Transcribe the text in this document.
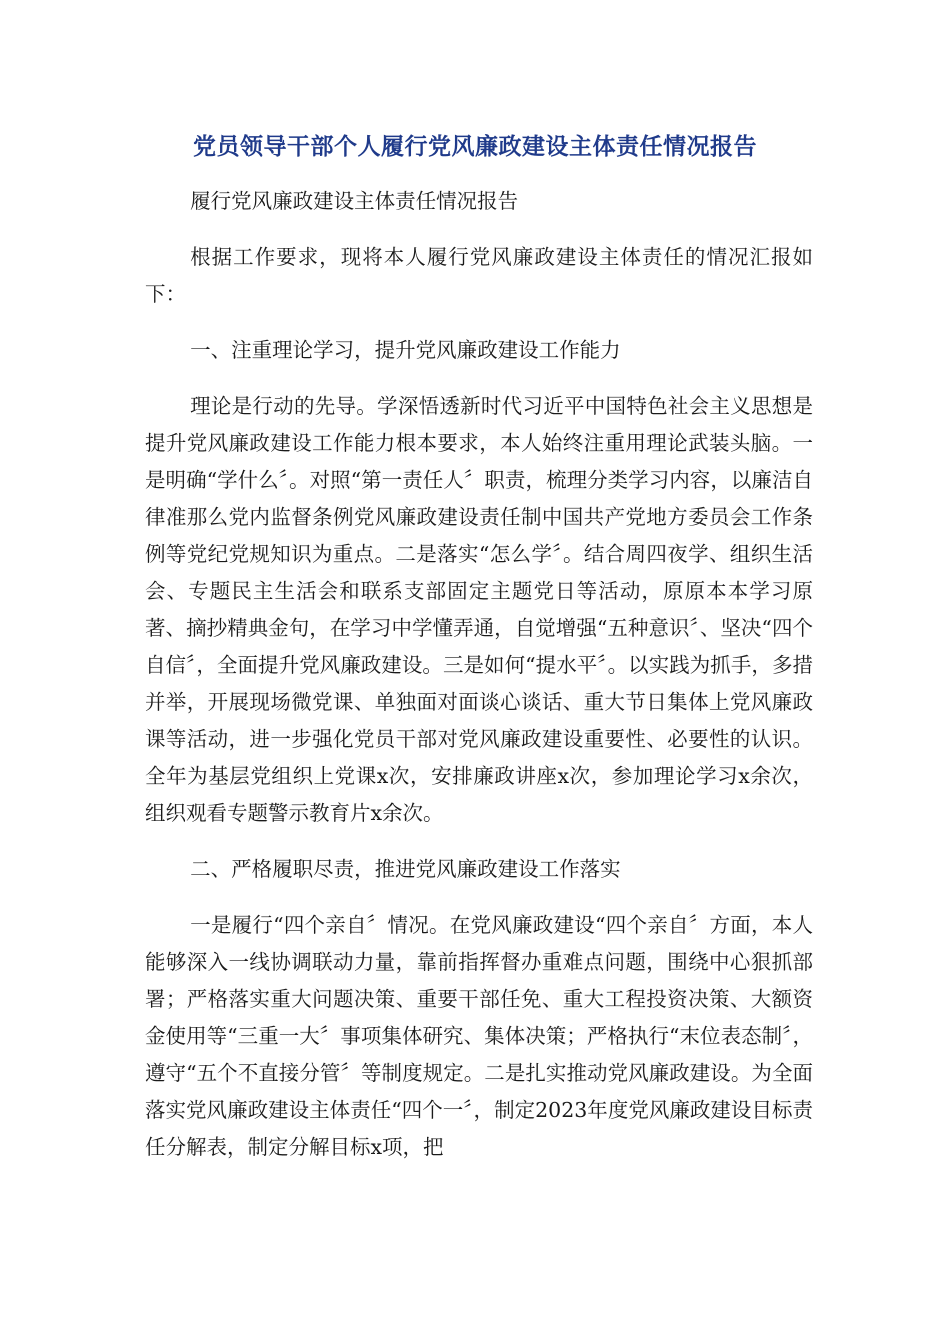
党员领导干部个人履行党风廉政建设主体责任情况报告

履行党风廉政建设主体责任情况报告

根据工作要求，现将本人履行党风廉政建设主体责任的情况汇报如下：

一、注重理论学习，提升党风廉政建设工作能力

理论是行动的先导。学深悟透新时代习近平中国特色社会主义思想是提升党风廉政建设工作能力根本要求，本人始终注重用理论武装头脑。一是明确“学什么〞。对照“第一责任人〞职责，梳理分类学习内容，以廉洁自律准那么党内监督条例党风廉政建设责任制中国共产党地方委员会工作条例等党纪党规知识为重点。二是落实“怎么学〞。结合周四夜学、组织生活会、专题民主生活会和联系支部固定主题党日等活动，原原本本学习原著、摘抄精典金句，在学习中学懂弄通，自觉增强“五种意识〞、坚决“四个自信〞，全面提升党风廉政建设。三是如何“提水平〞。以实践为抓手，多措并举，开展现场微党课、单独面对面谈心谈话、重大节日集体上党风廉政课等活动，进一步强化党员干部对党风廉政建设重要性、必要性的认识。全年为基层党组织上党课x次，安排廉政讲座x次，参加理论学习x余次，组织观看专题警示教育片x余次。

二、严格履职尽责，推进党风廉政建设工作落实

一是履行“四个亲自〞情况。在党风廉政建设“四个亲自〞方面，本人能够深入一线协调联动力量，靠前指挥督办重难点问题，围绕中心狠抓部署；严格落实重大问题决策、重要干部任免、重大工程投资决策、大额资金使用等“三重一大〞事项集体研究、集体决策；严格执行“末位表态制〞，遵守“五个不直接分管〞等制度规定。二是扎实推动党风廉政建设。为全面落实党风廉政建设主体责任“四个一〞，制定2023年度党风廉政建设目标责任分解表，制定分解目标x项，把
